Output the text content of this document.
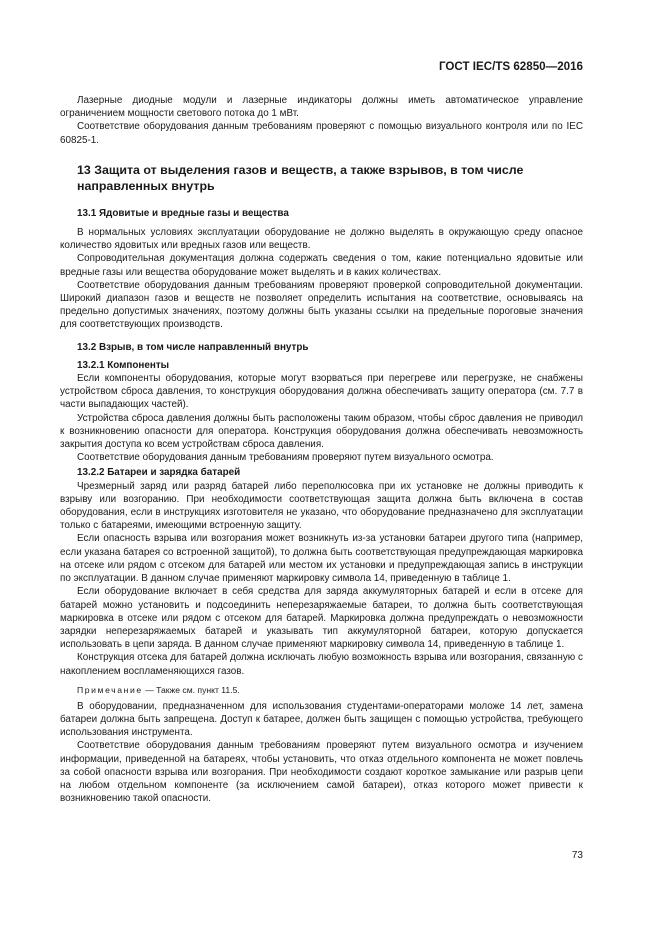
ГОСТ IEC/TS 62850—2016

Лазерные диодные модули и лазерные индикаторы должны иметь автоматическое управление ограничением мощности светового потока до 1 мВт.

Соответствие оборудования данным требованиям проверяют с помощью визуального контроля или по IEC 60825-1.

13 Защита от выделения газов и веществ, а также взрывов, в том числе направленных внутрь
13.1 Ядовитые и вредные газы и вещества

В нормальных условиях эксплуатации оборудование не должно выделять в окружающую среду опасное количество ядовитых или вредных газов или веществ.

Сопроводительная документация должна содержать сведения о том, какие потенциально ядовитые или вредные газы или вещества оборудование может выделять и в каких количествах.

Соответствие оборудования данным требованиям проверяют проверкой сопроводительной документации. Широкий диапазон газов и веществ не позволяет определить испытания на соответствие, основываясь на предельно допустимых значениях, поэтому должны быть указаны ссылки на предельные пороговые значения для соответствующих производств.

13.2 Взрыв, в том числе направленный внутрь
13.2.1 Компоненты

Если компоненты оборудования, которые могут взорваться при перегреве или перегрузке, не снабжены устройством сброса давления, то конструкция оборудования должна обеспечивать защиту оператора (см. 7.7 в части выпадающих частей).

Устройства сброса давления должны быть расположены таким образом, чтобы сброс давления не приводил к возникновению опасности для оператора. Конструкция оборудования должна обеспечивать невозможность закрытия доступа ко всем устройствам сброса давления.

Соответствие оборудования данным требованиям проверяют путем визуального осмотра.

13.2.2 Батареи и зарядка батарей

Чрезмерный заряд или разряд батарей либо переполюсовка при их установке не должны приводить к взрыву или возгоранию. При необходимости соответствующая защита должна быть включена в состав оборудования, если в инструкциях изготовителя не указано, что оборудование предназначено для эксплуатации только с батареями, имеющими встроенную защиту.

Если опасность взрыва или возгорания может возникнуть из-за установки батареи другого типа (например, если указана батарея со встроенной защитой), то должна быть соответствующая предупреждающая маркировка на отсеке или рядом с отсеком для батарей или местом их установки и предупреждающая запись в инструкции по эксплуатации. В данном случае применяют маркировку символа 14, приведенную в таблице 1.

Если оборудование включает в себя средства для заряда аккумуляторных батарей и если в отсеке для батарей можно установить и подсоединить неперезаряжаемые батареи, то должна быть соответствующая маркировка в отсеке или рядом с отсеком для батарей. Маркировка должна предупреждать о невозможности зарядки неперезаряжаемых батарей и указывать тип аккумуляторной батареи, которую допускается использовать в цепи заряда. В данном случае применяют маркировку символа 14, приведенную в таблице 1.

Конструкция отсека для батарей должна исключать любую возможность взрыва или возгорания, связанную с накоплением воспламеняющихся газов.

Примечание — Также см. пункт 11.5.

В оборудовании, предназначенном для использования студентами-операторами моложе 14 лет, замена батареи должна быть запрещена. Доступ к батарее, должен быть защищен с помощью устройства, требующего использования инструмента.

Соответствие оборудования данным требованиям проверяют путем визуального осмотра и изучением информации, приведенной на батареях, чтобы установить, что отказ отдельного компонента не может повлечь за собой опасности взрыва или возгорания. При необходимости создают короткое замыкание или разрыв цепи на любом отдельном компоненте (за исключением самой батареи), отказ которого может привести к возникновению такой опасности.

73
